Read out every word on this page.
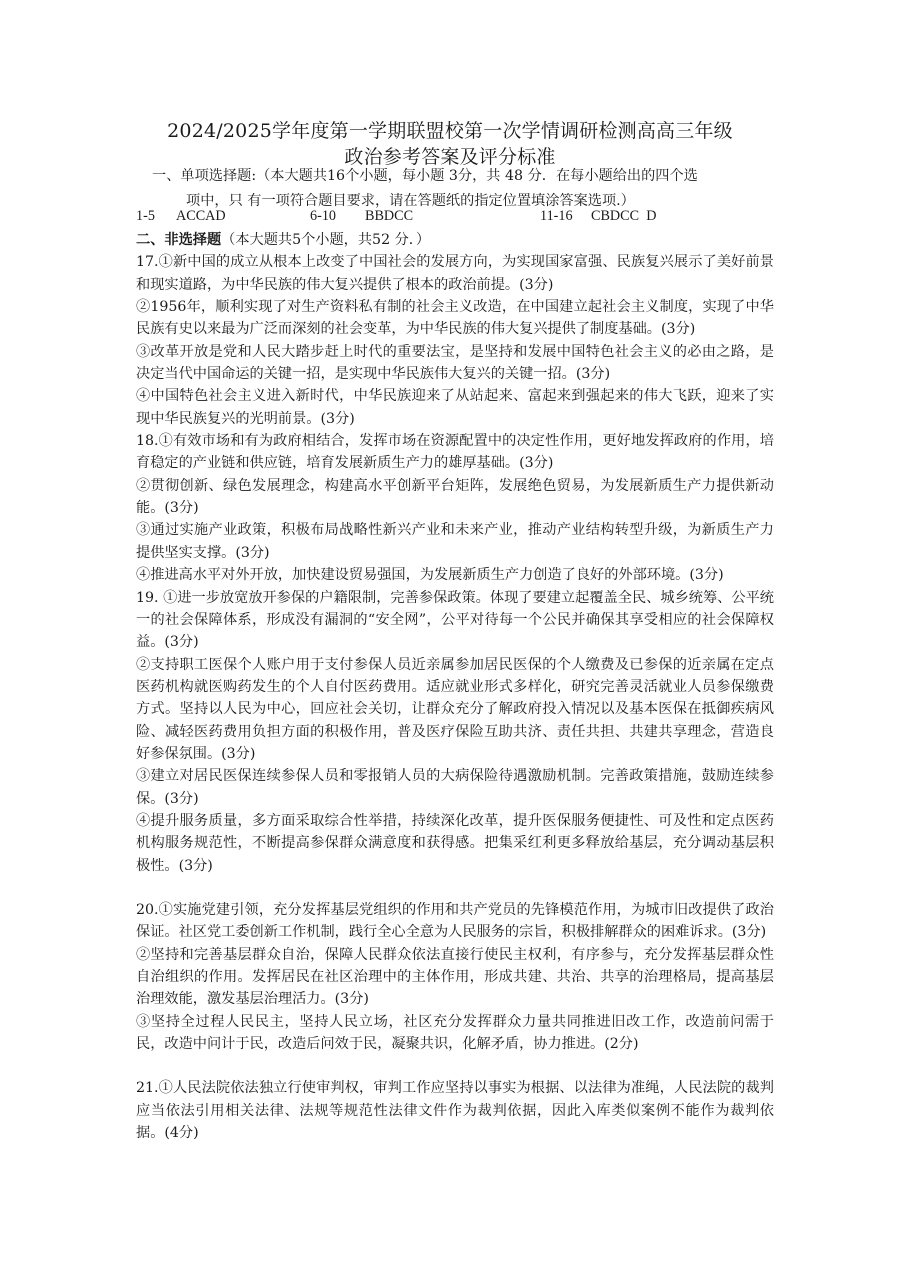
2024/2025学年度第一学期联盟校第一次学情调研检测高高三年级
政治参考答案及评分标准
一、单项选择题:（本大题共16个小题，每小题 3分，共 48 分．在每小题给出的四个选
项中，只 有一项符合题目要求，请在答题纸的指定位置填涂答案选项.）
1-5 ACCAD	6-10 BBDCC	11-16 CBDCC  D

二、非选择题（本大题共5个小题，共52 分．）

17.①新中国的成立从根本上改变了中国社会的发展方向，为实现国家富强、民族复兴展示了美好前景和现实道路，为中华民族的伟大复兴提供了根本的政治前提。(3分)

②1956年，顺利实现了对生产资料私有制的社会主义改造，在中国建立起社会主义制度，实现了中华民族有史以来最为广泛而深刻的社会变革，为中华民族的伟大复兴提供了制度基础。(3分)

③改革开放是党和人民大踏步赶上时代的重要法宝，是坚持和发展中国特色社会主义的必由之路，是决定当代中国命运的关键一招，是实现中华民族伟大复兴的关键一招。(3分)

④中国特色社会主义进入新时代，中华民族迎来了从站起来、富起来到强起来的伟大飞跃，迎来了实现中华民族复兴的光明前景。(3分)

18.①有效市场和有为政府相结合，发挥市场在资源配置中的决定性作用，更好地发挥政府的作用，培育稳定的产业链和供应链，培育发展新质生产力的雄厚基础。(3分)

②贯彻创新、绿色发展理念，构建高水平创新平台矩阵，发展绝色贸易，为发展新质生产力提供新动能。(3分)

③通过实施产业政策，积极布局战略性新兴产业和未来产业，推动产业结构转型升级，为新质生产力提供坚实支撑。(3分)

④推进高水平对外开放，加快建设贸易强国，为发展新质生产力创造了良好的外部环境。(3分)

19. ①进一步放宽放开参保的户籍限制，完善参保政策。体现了要建立起覆盖全民、城乡统筹、公平统一的社会保障体系，形成没有漏洞的“安全网”，公平对待每一个公民并确保其享受相应的社会保障权益。(3分)

②支持职工医保个人账户用于支付参保人员近亲属参加居民医保的个人缴费及已参保的近亲属在定点医药机构就医购药发生的个人自付医药费用。适应就业形式多样化，研究完善灵活就业人员参保缴费方式。坚持以人民为中心，回应社会关切，让群众充分了解政府投入情况以及基本医保在抵御疾病风险、减轻医药费用负担方面的积极作用，普及医疗保险互助共济、责任共担、共建共享理念，营造良好参保氛围。(3分)

③建立对居民医保连续参保人员和零报销人员的大病保险待遇激励机制。完善政策措施，鼓励连续参保。(3分)

④提升服务质量，多方面采取综合性举措，持续深化改革，提升医保服务便捷性、可及性和定点医药机构服务规范性，不断提高参保群众满意度和获得感。把集采红利更多释放给基层，充分调动基层积极性。(3分)

20.①实施党建引领，充分发挥基层党组织的作用和共产党员的先锋模范作用，为城市旧改提供了政治保证。社区党工委创新工作机制，践行全心全意为人民服务的宗旨，积极排解群众的困难诉求。(3分)

②坚持和完善基层群众自治，保障人民群众依法直接行使民主权利，有序参与，充分发挥基层群众性自治组织的作用。发挥居民在社区治理中的主体作用，形成共建、共治、共享的治理格局，提高基层治理效能，激发基层治理活力。(3分)

③坚持全过程人民民主，坚持人民立场，社区充分发挥群众力量共同推进旧改工作，改造前问需于民，改造中问计于民，改造后问效于民，凝聚共识，化解矛盾，协力推进。(2分)

21.①人民法院依法独立行使审判权，审判工作应坚持以事实为根据、以法律为准绳，人民法院的裁判应当依法引用相关法律、法规等规范性法律文件作为裁判依据，因此入库类似案例不能作为裁判依据。(4分)
